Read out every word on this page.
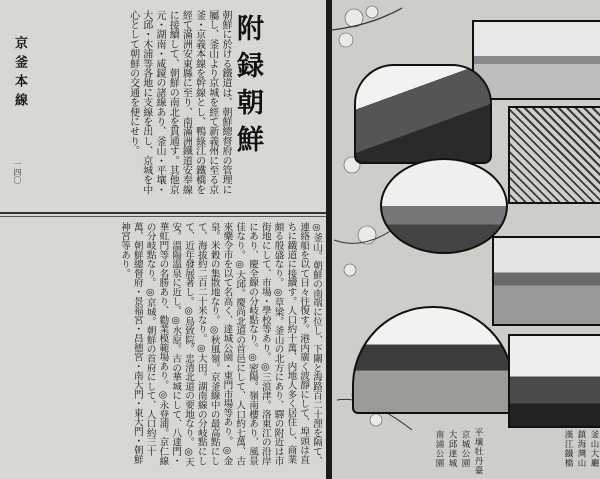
附録朝鮮
朝鮮に於ける鐵道は、朝鮮總督府の管理に屬し、釜山より京城を經て新義州に至る京釜・京義本線を幹線とし、鴨綠江の鐵橋を經て滿洲安東縣に至り、南滿洲鐵道安奉線に接續して、朝鮮の南北を貫通す。其他京元・湖南・咸鏡の諸線あり、釜山・平壤・大邱・木浦等各地に支線を出し、京城を中心として朝鮮の交通を便にせり。
京釜本線
一四〇
◎釜山。朝鮮の南端に位し、下關と海路百二十浬を隔て、連絡船を以て日々往復す。港内廣く波靜にして、埠頭は直ちに鐵道に接續す。人口約十萬、内地人多く居住し、商業頗る殷盛なり。◎草梁。釜山の北方にあり、驛の附近は市街地にして、市場・學校等あり。◎三浪津。洛東江の沿岸にあり、慶全線の分岐點なり。◎密陽。嶺南樓あり、風景佳なり。◎大邱。慶尚北道の首邑にして、人口約七萬、古來藥令市を以て名高く、達城公園・東門市場等あり。◎金泉。米穀の集散地なり。◎秋風嶺。京釜線中の最高點にして、海拔約二百二十米なり。◎大田。湖南線の分岐點にして、近年發展著し。◎鳥致院。忠清北道の要地なり。◎天安。溫陽溫泉に近し。◎水原。古の華城にして、八達門・華虹門等の名勝あり、勸業模範場あり。◎永登浦。京仁線の分岐點なり。◎京城。朝鮮の首府にして、人口約三十萬、朝鮮總督府・景福宮・昌德宮・南大門・東大門・朝鮮神宮等あり。
釜山大廳
鎮海灣山
漢江鐵橋
平壤牡丹臺
京城公園
大邱達城
南浦公園
